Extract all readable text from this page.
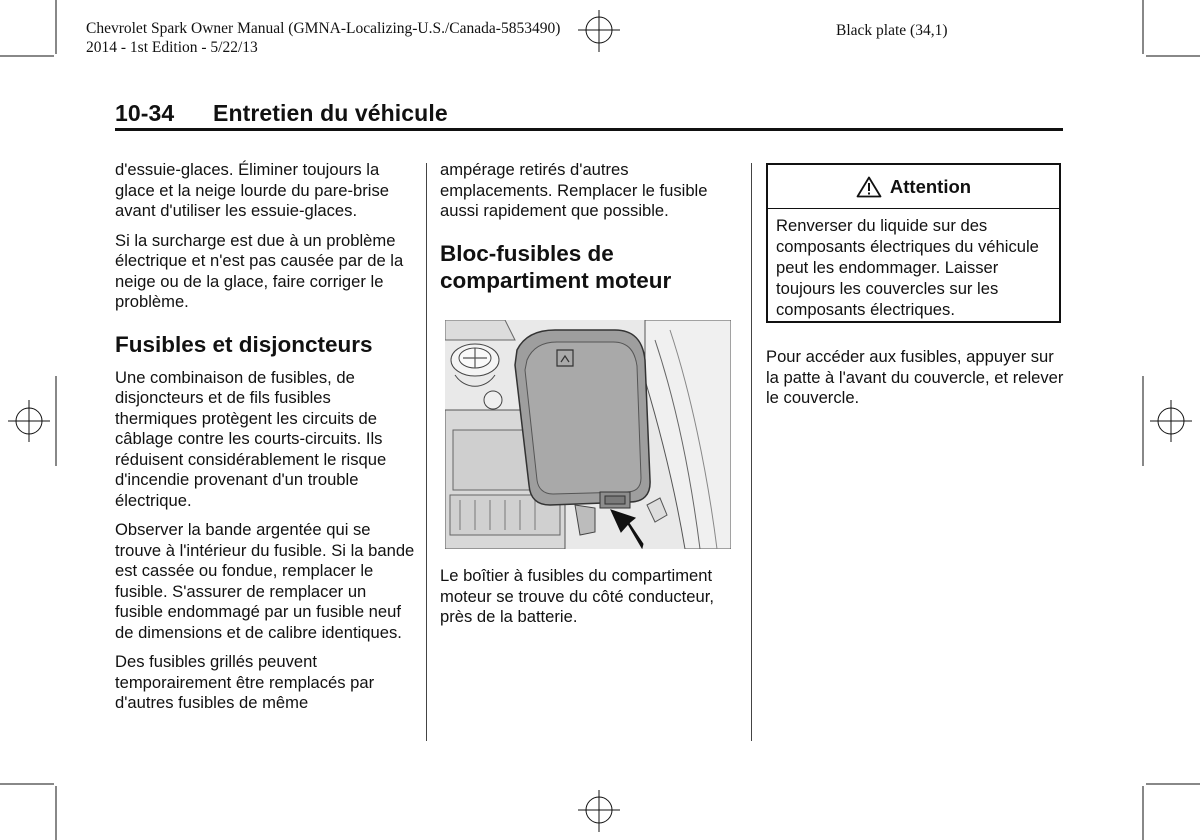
Chevrolet Spark Owner Manual (GMNA-Localizing-U.S./Canada-5853490)
2014 - 1st Edition - 5/22/13
Black plate (34,1)
10-34 Entretien du véhicule

d'essuie-glaces. Éliminer toujours la glace et la neige lourde du pare-brise avant d'utiliser les essuie-glaces.

Si la surcharge est due à un problème électrique et n'est pas causée par de la neige ou de la glace, faire corriger le problème.

Fusibles et disjoncteurs

Une combinaison de fusibles, de disjoncteurs et de fils fusibles thermiques protègent les circuits de câblage contre les courts-circuits. Ils réduisent considérablement le risque d'incendie provenant d'un trouble électrique.

Observer la bande argentée qui se trouve à l'intérieur du fusible. Si la bande est cassée ou fondue, remplacer le fusible. S'assurer de remplacer un fusible endommagé par un fusible neuf de dimensions et de calibre identiques.

Des fusibles grillés peuvent temporairement être remplacés par d'autres fusibles de même

ampérage retirés d'autres emplacements. Remplacer le fusible aussi rapidement que possible.

Bloc-fusibles de compartiment moteur
Le boîtier à fusibles du compartiment moteur se trouve du côté conducteur, près de la batterie.
Attention
Renverser du liquide sur des composants électriques du véhicule peut les endommager. Laisser toujours les couvercles sur les composants électriques.
Pour accéder aux fusibles, appuyer sur la patte à l'avant du couvercle, et relever le couvercle.
